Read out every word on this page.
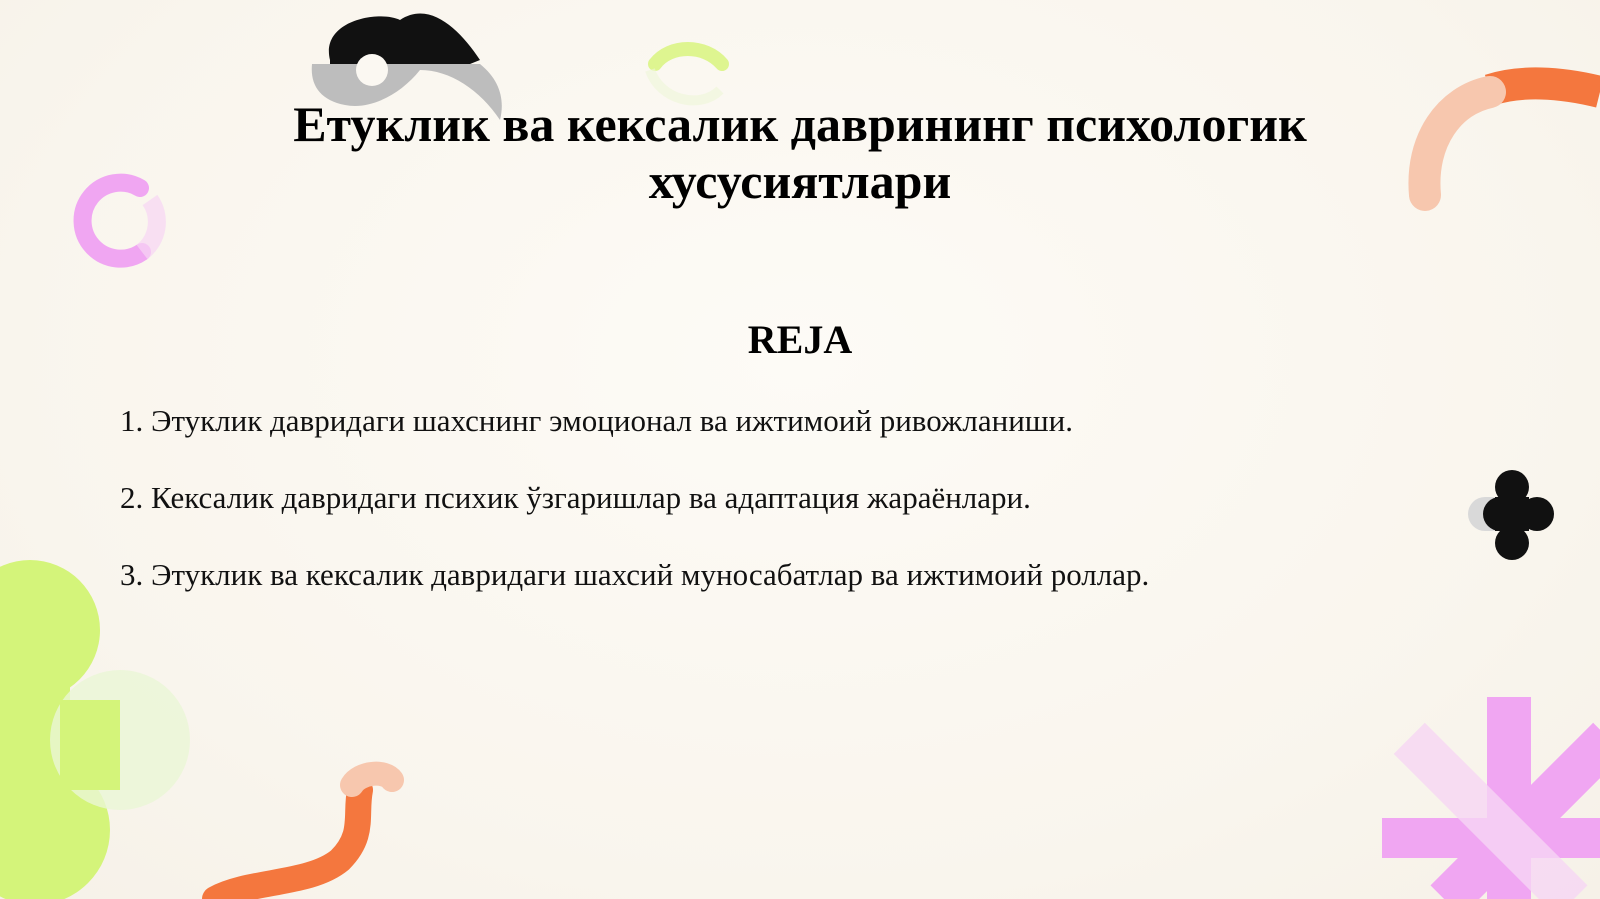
Етуклик ва кексалик даврининг психологик хусусиятлари
REJA
1. Этуклик давридаги шахснинг эмоционал ва ижтимоий ривожланиши.
2. Кексалик давридаги психик ўзгаришлар ва адаптация жараёнлари.
3. Этуклик ва кексалик давридаги шахсий муносабатлар ва ижтимоий роллар.
